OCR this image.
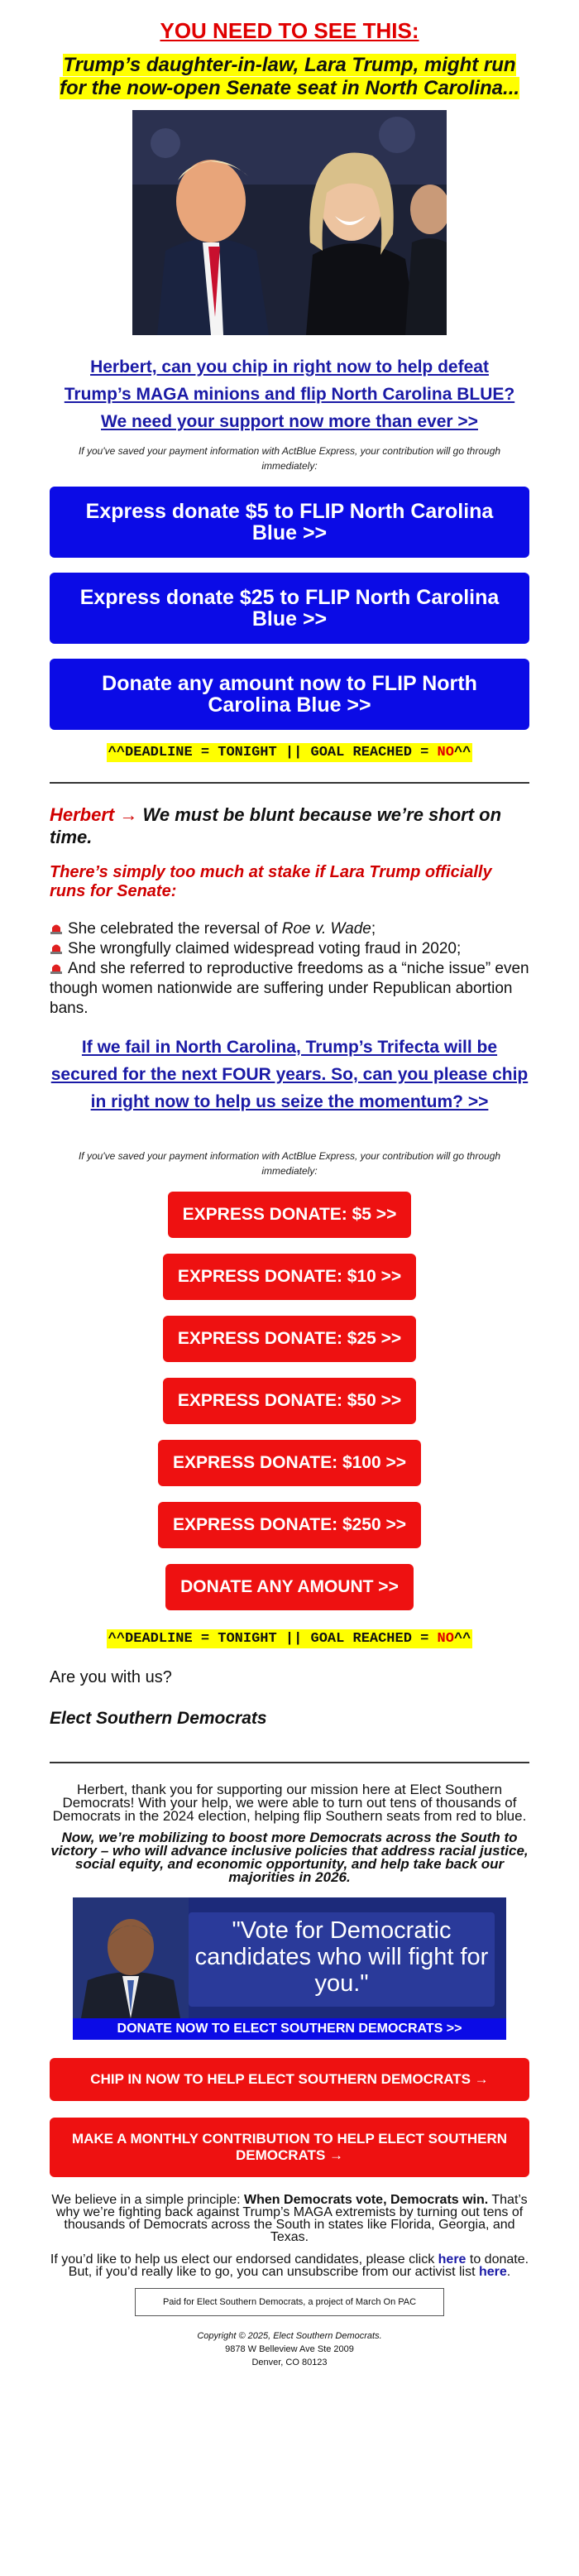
YOU NEED TO SEE THIS:
Trump’s daughter-in-law, Lara Trump, might run for the now-open Senate seat in North Carolina...
Herbert, can you chip in right now to help defeat Trump’s MAGA minions and flip North Carolina BLUE? We need your support now more than ever >>
If you've saved your payment information with ActBlue Express, your contribution will go through immediately:
Express donate $5 to FLIP North Carolina Blue >>
Express donate $25 to FLIP North Carolina Blue >>
Donate any amount now to FLIP North Carolina Blue >>
^^DEADLINE = TONIGHT || GOAL REACHED = NO^^
Herbert → We must be blunt because we’re short on time.
There’s simply too much at stake if Lara Trump officially runs for Senate:
She celebrated the reversal of Roe v. Wade;
She wrongfully claimed widespread voting fraud in 2020;
And she referred to reproductive freedoms as a “niche issue” even though women nationwide are suffering under Republican abortion bans.
If we fail in North Carolina, Trump’s Trifecta will be secured for the next FOUR years. So, can you please chip in right now to help us seize the momentum? >>
If you've saved your payment information with ActBlue Express, your contribution will go through immediately:
EXPRESS DONATE: $5 >>
EXPRESS DONATE: $10 >>
EXPRESS DONATE: $25 >>
EXPRESS DONATE: $50 >>
EXPRESS DONATE: $100 >>
EXPRESS DONATE: $250 >>
DONATE ANY AMOUNT >>
^^DEADLINE = TONIGHT || GOAL REACHED = NO^^
Are you with us?
Elect Southern Democrats
Herbert, thank you for supporting our mission here at Elect Southern Democrats! With your help, we were able to turn out tens of thousands of Democrats in the 2024 election, helping flip Southern seats from red to blue.
Now, we’re mobilizing to boost more Democrats across the South to victory – who will advance inclusive policies that address racial justice, social equity, and economic opportunity, and help take back our majorities in 2026.
"Vote for Democratic candidates who will fight for you."
DONATE NOW TO ELECT SOUTHERN DEMOCRATS >>
CHIP IN NOW TO HELP ELECT SOUTHERN DEMOCRATS →
MAKE A MONTHLY CONTRIBUTION TO HELP ELECT SOUTHERN DEMOCRATS →
We believe in a simple principle: When Democrats vote, Democrats win. That’s why we’re fighting back against Trump’s MAGA extremists by turning out tens of thousands of Democrats across the South in states like Florida, Georgia, and Texas.
If you’d like to help us elect our endorsed candidates, please click here to donate. But, if you’d really like to go, you can unsubscribe from our activist list here.
Paid for Elect Southern Democrats, a project of March On PAC
Copyright © 2025, Elect Southern Democrats.
9878 W Belleview Ave Ste 2009
Denver, CO 80123
